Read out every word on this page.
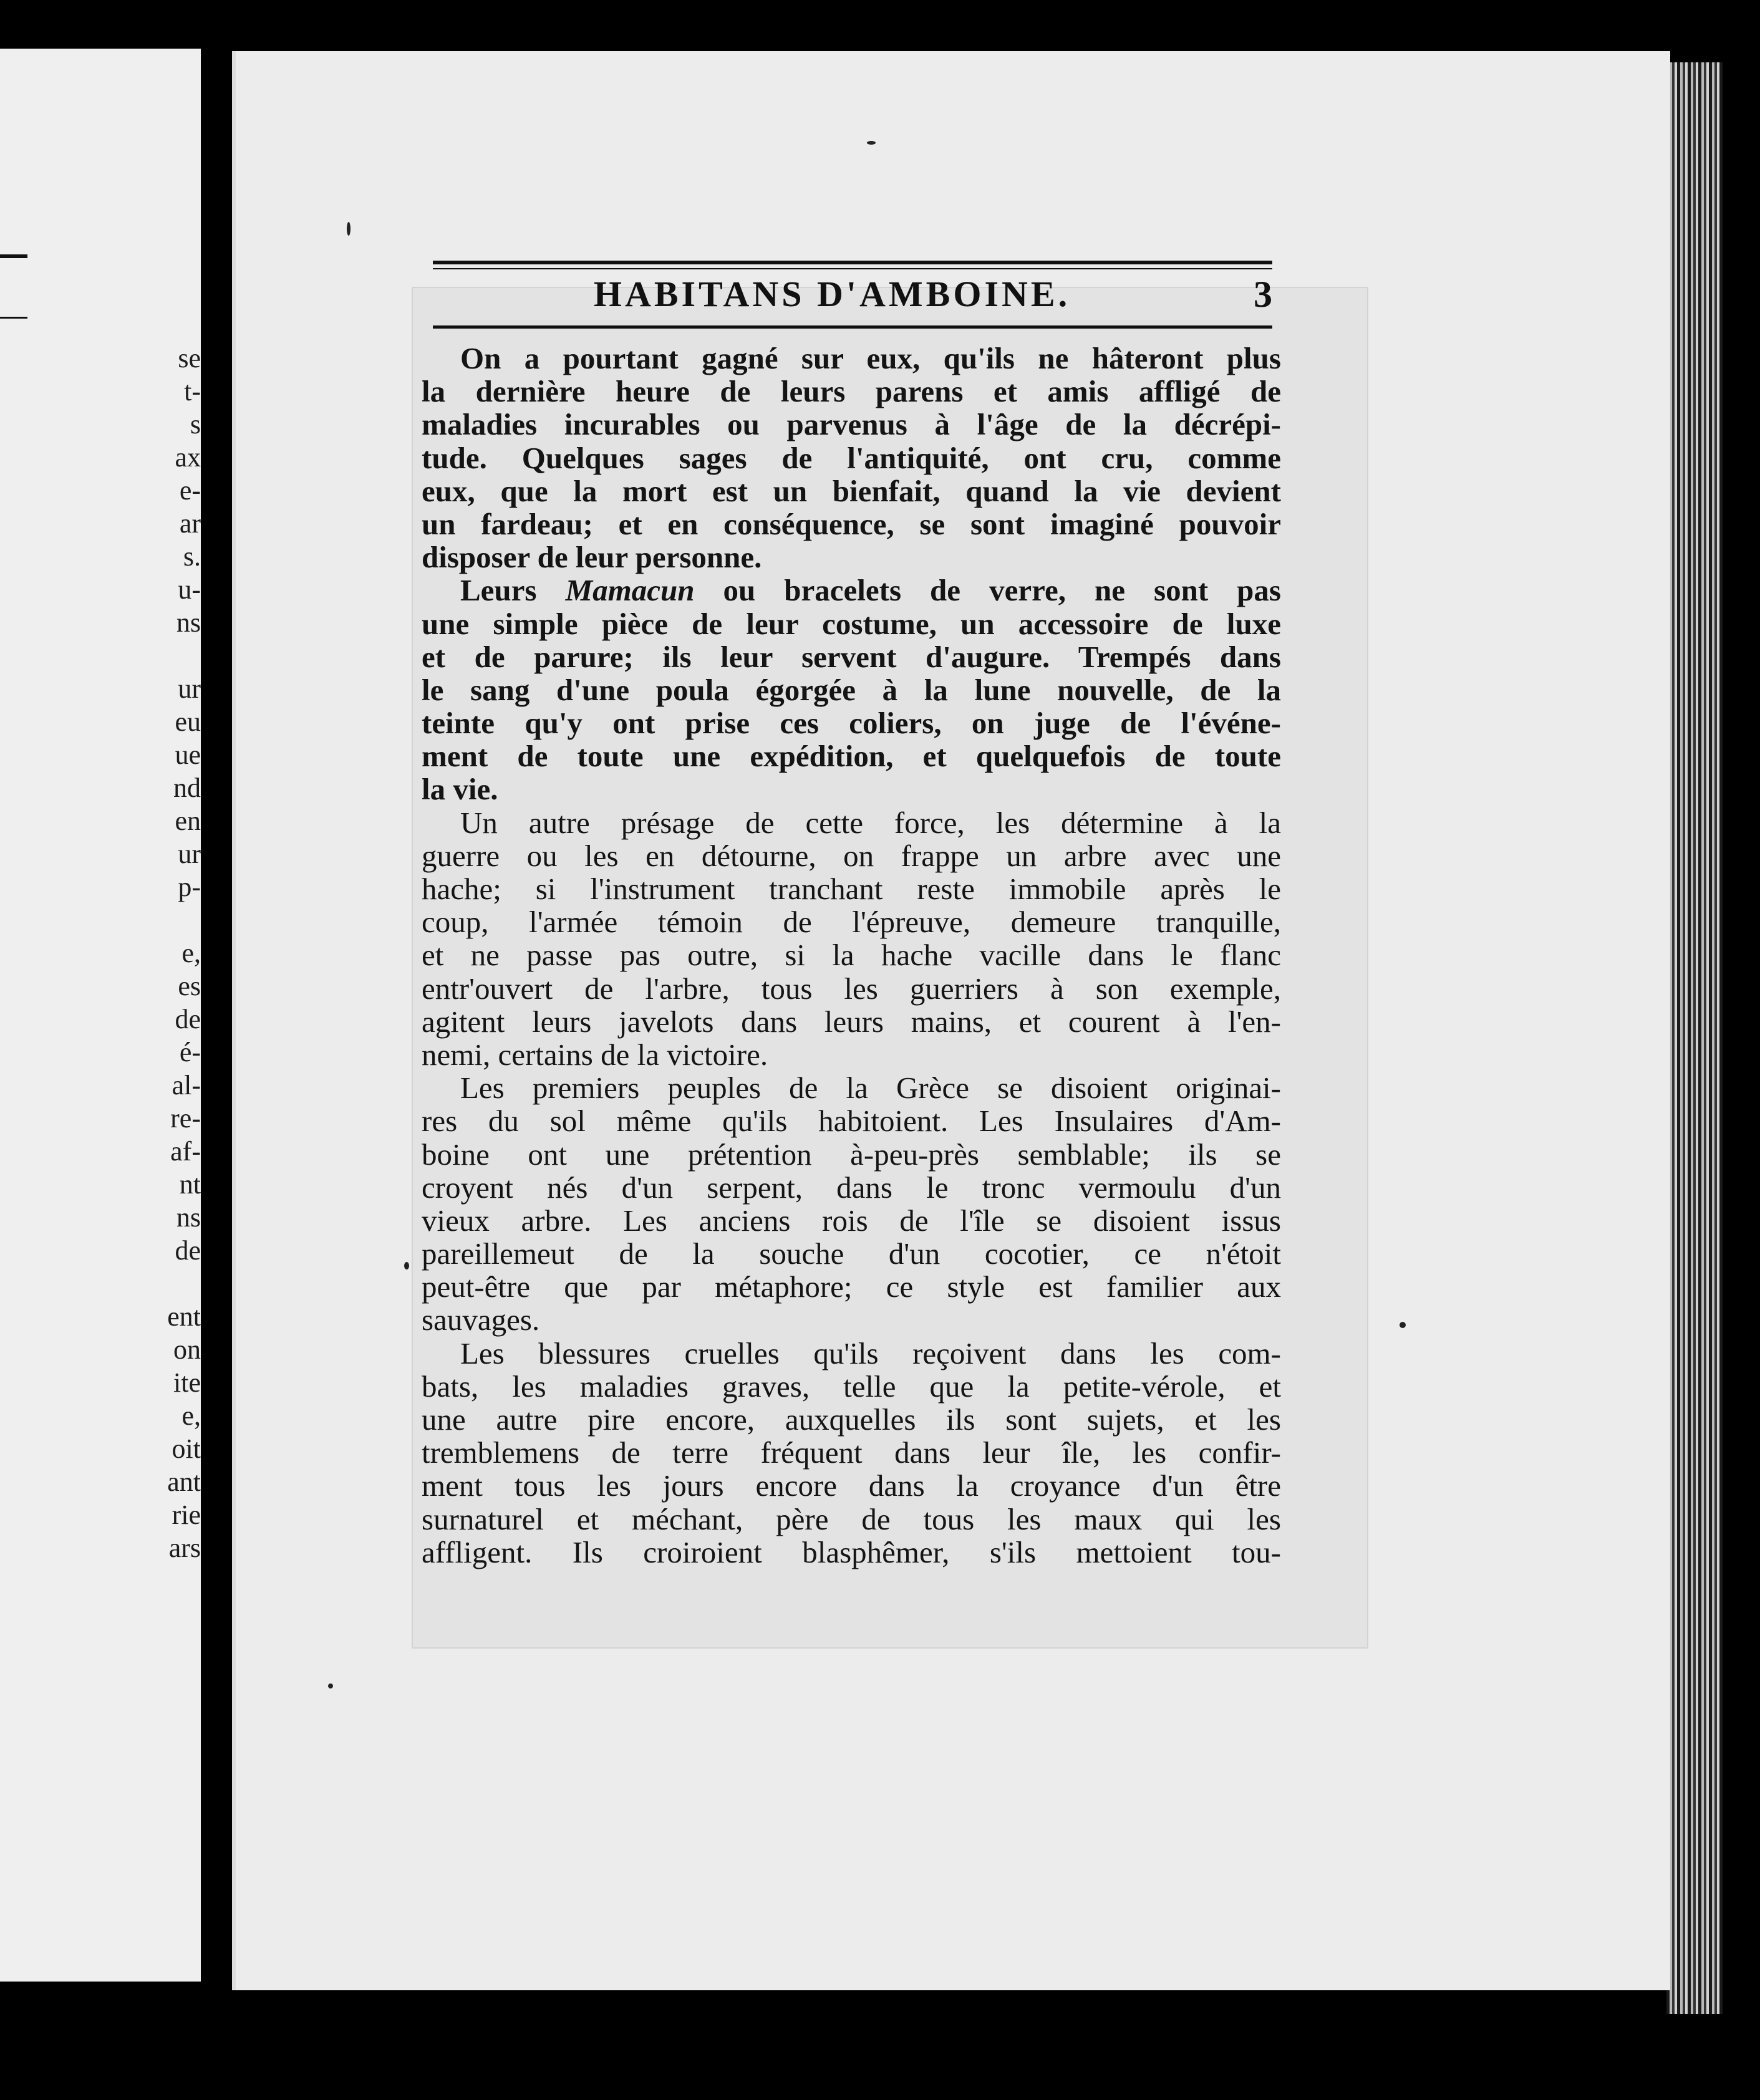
se
t-
s
ax
e-
ar
s.
u-
ns
ur
eu
ue
nd
en
ur
p-
e,
es
de
é-
al-
re-
af-
nt
ns
de
ent
on
ite
e,
oit
ant
rie
ars
HABITANS D'AMBOINE.	3
On a pourtant gagné sur eux, qu'ils ne hâteront plus
la dernière heure de leurs parens et amis affligé de
maladies incurables ou parvenus à l'âge de la décrépi-
tude. Quelques sages de l'antiquité, ont cru, comme
eux, que la mort est un bienfait, quand la vie devient
un fardeau; et en conséquence, se sont imaginé pouvoir
disposer de leur personne.
Leurs Mamacun ou bracelets de verre, ne sont pas
une simple pièce de leur costume, un accessoire de luxe
et de parure; ils leur servent d'augure. Trempés dans
le sang d'une poula égorgée à la lune nouvelle, de la
teinte qu'y ont prise ces coliers, on juge de l'événe-
ment de toute une expédition, et quelquefois de toute
la vie.
Un autre présage de cette force, les détermine à la
guerre ou les en détourne, on frappe un arbre avec une
hache; si l'instrument tranchant reste immobile après le
coup, l'armée témoin de l'épreuve, demeure tranquille,
et ne passe pas outre, si la hache vacille dans le flanc
entr'ouvert de l'arbre, tous les guerriers à son exemple,
agitent leurs javelots dans leurs mains, et courent à l'en-
nemi, certains de la victoire.
Les premiers peuples de la Grèce se disoient originai-
res du sol même qu'ils habitoient. Les Insulaires d'Am-
boine ont une prétention à-peu-près semblable; ils se
croyent nés d'un serpent, dans le tronc vermoulu d'un
vieux arbre. Les anciens rois de l'île se disoient issus
pareillemeut de la souche d'un cocotier, ce n'étoit
peut-être que par métaphore; ce style est familier aux
sauvages.
Les blessures cruelles qu'ils reçoivent dans les com-
bats, les maladies graves, telle que la petite-vérole, et
une autre pire encore, auxquelles ils sont sujets, et les
tremblemens de terre fréquent dans leur île, les confir-
ment tous les jours encore dans la croyance d'un être
surnaturel et méchant, père de tous les maux qui les
affligent. Ils croiroient blasphêmer, s'ils mettoient tou-
